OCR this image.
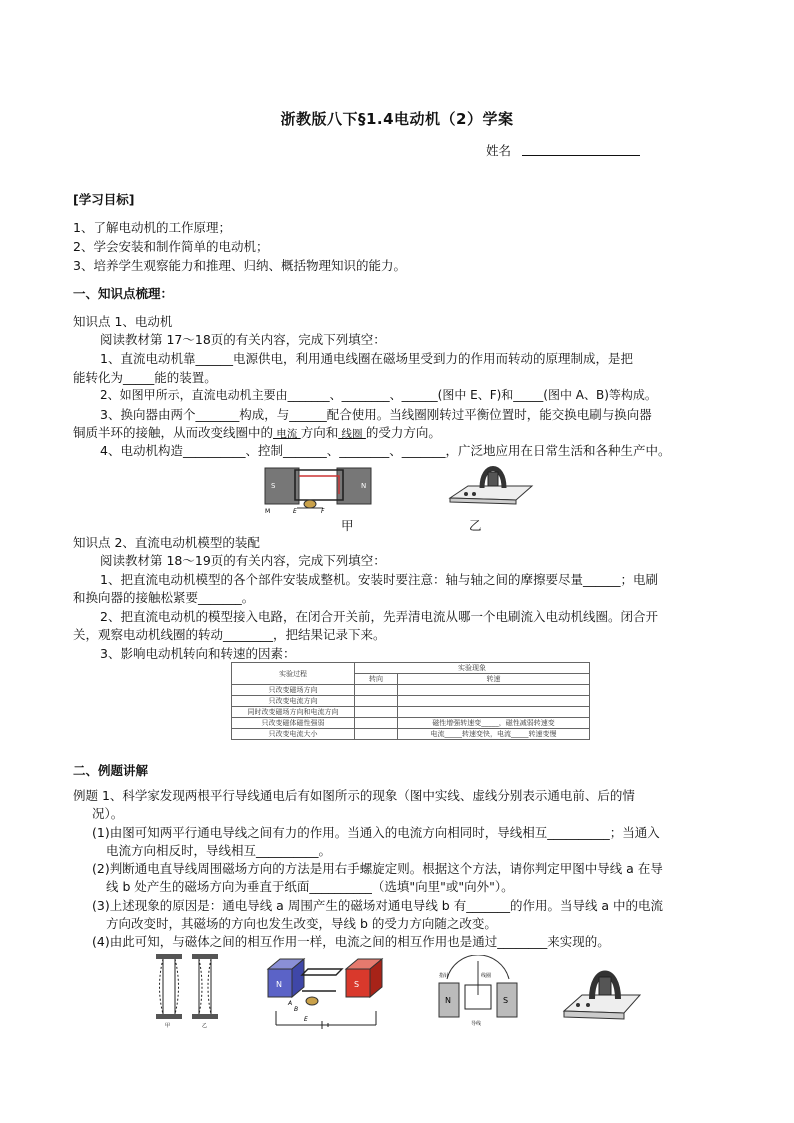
浙教版八下§1.4电动机（2）学案
姓名
[学习目标]
1、了解电动机的工作原理；
2、学会安装和制作简单的电动机；
3、培养学生观察能力和推理、归纳、概括物理知识的能力。
一、知识点梳理：
知识点 1、电动机
阅读教材第 17～18页的有关内容，完成下列填空：
1、直流电动机靠______电源供电，利用通电线圈在磁场里受到力的作用而转动的原理制成，是把
能转化为_____能的装置。
2、如图甲所示，直流电动机主要由_______、________、______(图中 E、F)和_____(图中 A、B)等构成。
3、换向器由两个_______构成，与______配合使用。当线圈刚转过平衡位置时，能交换电刷与换向器
铜质半环的接触，从而改变线圈中的 电流 方向和 线圈 的受力方向。
4、电动机构造__________、控制_______、________、_______，广泛地应用在日常生活和各种生产中。
S	N
M	E	F
甲	乙
知识点 2、直流电动机模型的装配
阅读教材第 18～19页的有关内容，完成下列填空：
1、把直流电动机模型的各个部件安装成整机。安装时要注意：轴与轴之间的摩擦要尽量______；电刷
和换向器的接触松紧要_______。
2、把直流电动机的模型接入电路，在闭合开关前，先弄清电流从哪一个电刷流入电动机线圈。闭合开
关，观察电动机线圈的转动________，把结果记录下来。
3、影响电动机转向和转速的因素：
实验过程	实验现象	
	转向	转速
只改变磁场方向		
只改变电流方向		
同时改变磁场方向和电流方向		
只改变磁体磁性强弱		磁性增强转速变_____，磁性减弱转速变
只改变电流大小		电流_____转速变快，电流_____转速变慢
二、例题讲解
例题 1、科学家发现两根平行导线通电后有如图所示的现象（图中实线、虚线分别表示通电前、后的情
况）。
(1)由图可知两平行通电导线之间有力的作用。当通入的电流方向相同时，导线相互__________；当通入
电流方向相反时，导线相互__________。
(2)判断通电直导线周围磁场方向的方法是用右手螺旋定则。根据这个方法，请你判定甲图中导线 a 在导
线 b 处产生的磁场方向为垂直于纸面__________（选填"向里"或"向外"）。
(3)上述现象的原因是：通电导线 a 周围产生的磁场对通电导线 b 有_______的作用。当导线 a 中的电流
方向改变时，其磁场的方向也发生改变，导线 b 的受力方向随之改变。
(4)由此可知，与磁体之间的相互作用一样，电流之间的相互作用也是通过________来实现的。
甲	乙
N	S
A
B
E
N	S
指针	线圈
导线
